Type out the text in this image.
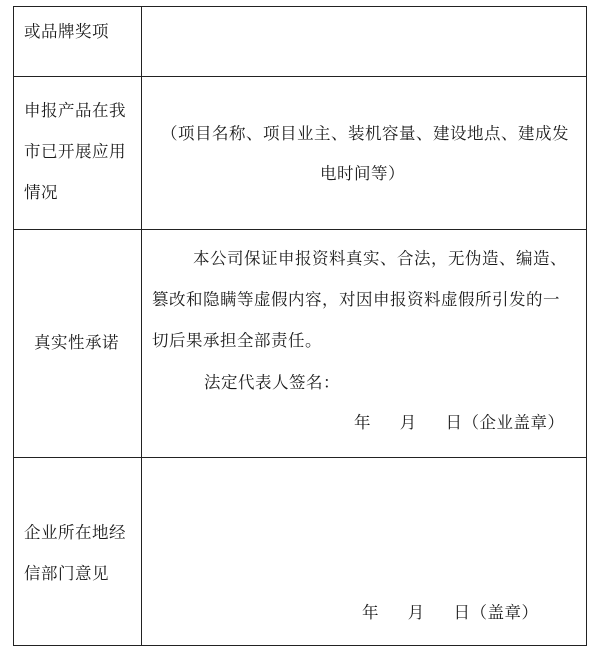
或品牌奖项
申报产品在我
市已开展应用
情况
（项目名称、项目业主、装机容量、建设地点、建成发
电时间等）
真实性承诺
本公司保证申报资料真实、合法，无伪造、编造、
篡改和隐瞒等虚假内容，对因申报资料虚假所引发的一
切后果承担全部责任。
法定代表人签名：
年     月     日（企业盖章）
企业所在地经
信部门意见
年     月     日（盖章）
